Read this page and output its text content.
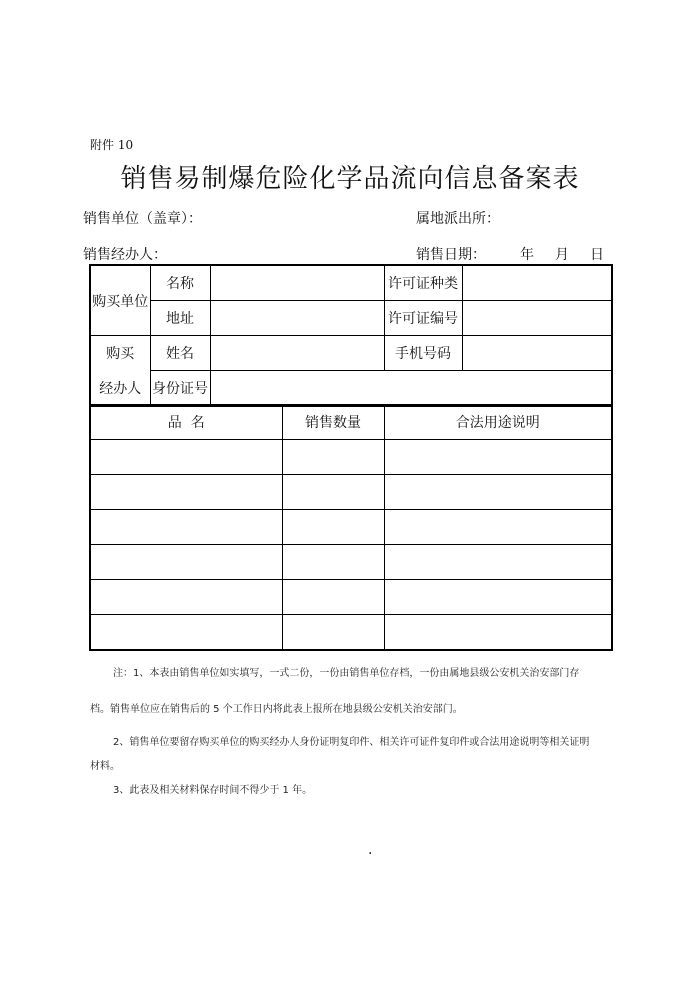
附件 10
销售易制爆危险化学品流向信息备案表
销售单位（盖章）：	属地派出所：
销售经办人：	销售日期： 年 月 日
购买单位	名称		许可证种类	
	地址		许可证编号	
购买	姓名		手机号码	
经办人	身份证号			
品  名	销售数量	合法用途说明

注：1、本表由销售单位如实填写，一式二份，一份由销售单位存档，一份由属地县级公安机关治安部门存
档。销售单位应在销售后的 5 个工作日内将此表上报所在地县级公安机关治安部门。
2、销售单位要留存购买单位的购买经办人身份证明复印件、相关许可证件复印件或合法用途说明等相关证明
材料。
3、此表及相关材料保存时间不得少于 1 年。
.
